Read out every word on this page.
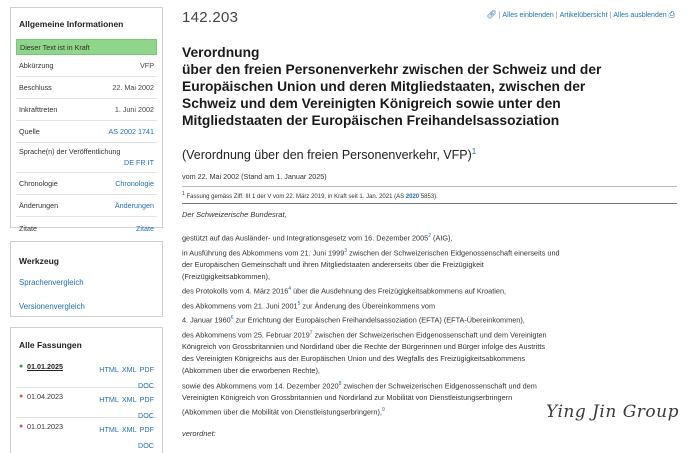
Allgemeine Informationen
Dieser Text ist in Kraft
Abkürzung	VFP
Beschluss	22. Mai 2002
Inkrafttreten	1. Juni 2002
Quelle	AS 2002 1741
Sprache(n) der Veröffentlichung
DE FR IT
Chronologie	Chronologie
Änderungen	Änderungen
Zitate	Zitate
Werkzeug
Sprachenvergleich
Versionenvergleich
Alle Fassungen
● 01.01.2025	HTML XML PDF
DOC
● 01.04.2023	HTML XML PDF
DOC
● 01.01.2023	HTML XML PDF
DOC
142.203	🔗︎ | Alles einblenden | Artikelübersicht | Alles ausblenden ⎙
Verordnung
über den freien Personenverkehr zwischen der Schweiz und der
Europäischen Union und deren Mitgliedstaaten, zwischen der
Schweiz und dem Vereinigten Königreich sowie unter den
Mitgliedstaaten der Europäischen Freihandelsassoziation
(Verordnung über den freien Personenverkehr, VFP)$^1$
vom 22. Mai 2002 (Stand am 1. Januar 2025)
$^1$ Fassung gemäss Ziff. III 1 der V vom 22. März 2019, in Kraft seit 1. Jan. 2021 (AS 2020 5853).
Der Schweizerische Bundesrat,
gestützt auf das Ausländer- und Integrationsgesetz vom 16. Dezember 2005$^2$ (AIG),
in Ausführung des Abkommens vom 21. Juni 1999$^3$ zwischen der Schweizerischen Eidgenossenschaft einerseits und
der Europäischen Gemeinschaft und ihren Mitgliedstaaten andererseits über die Freizügigkeit
(Freizügigkeitsabkommen),
des Protokolls vom 4. März 2016$^4$ über die Ausdehnung des Freizügigkeitsabkommens auf Kroatien,
des Abkommens vom 21. Juni 2001$^5$ zur Änderung des Übereinkommens vom
4. Januar 1960$^6$ zur Errichtung der Europäischen Freihandelsassoziation (EFTA) (EFTA-Übereinkommen),
des Abkommens vom 25. Februar 2019$^7$ zwischen der Schweizerischen Eidgenossenschaft und dem Vereinigten
Königreich von Grossbritannien und Nordirland über die Rechte der Bürgerinnen und Bürger infolge des Austritts
des Vereinigten Königreichs aus der Europäischen Union und des Wegfalls des Freizügigkeitsabkommens
(Abkommen über die erworbenen Rechte),
sowie des Abkommens vom 14. Dezember 2020$^8$ zwischen der Schweizerischen Eidgenossenschaft und dem
Vereinigten Königreich von Grossbritannien und Nordirland zur Mobilität von Dienstleistungserbringern
(Abkommen über die Mobilität von Dienstleistungserbringern),$^9$
verordnet:
Ying Jin Group
